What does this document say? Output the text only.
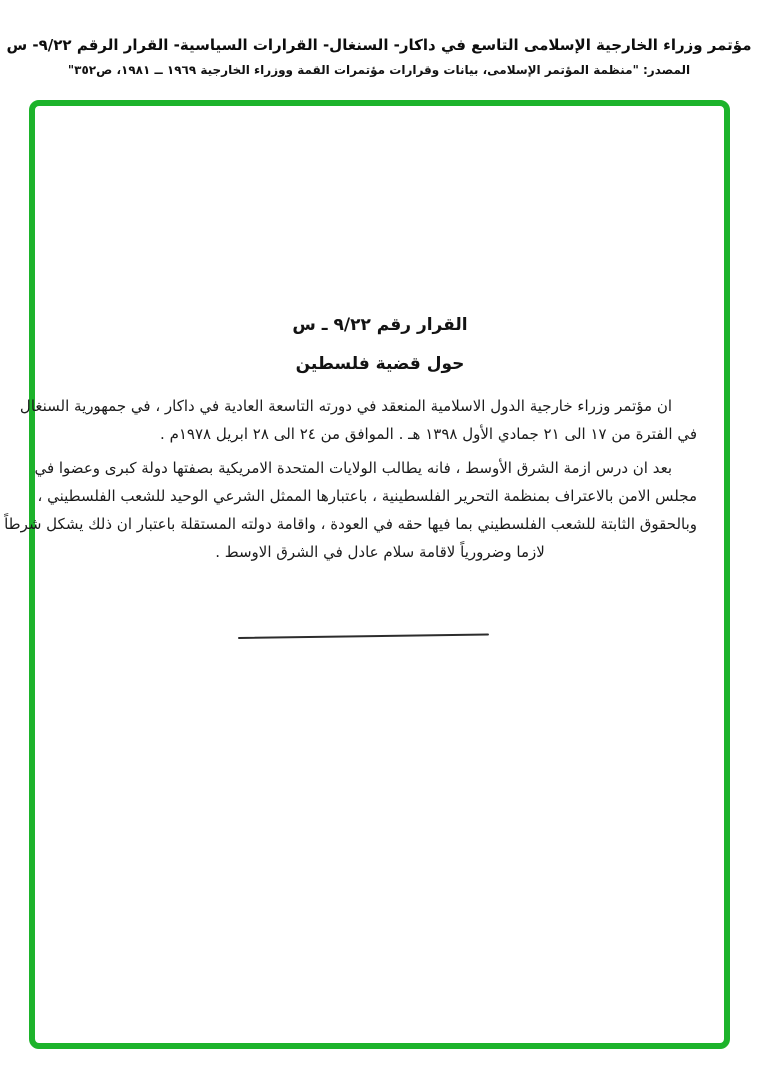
مؤتمر وزراء الخارجية الإسلامى التاسع في داكار- السنغال- القرارات السياسية- القرار الرقم ٩/٢٢- س
المصدر: "منظمة المؤتمر الإسلامى، بيانات وقرارات مؤتمرات القمة ووزراء الخارجية ١٩٦٩ ــ ١٩٨١، ص٣٥٢"
القرار رقم ٩/٢٢ ـ س
حول قضية فلسطين
ان مؤتمر وزراء خارجية الدول الاسلامية المنعقد في دورته التاسعة العادية في داكار ، في جمهورية السنغال
في الفترة من ١٧ الى ٢١ جمادي الأول ١٣٩٨ هـ . الموافق من ٢٤ الى ٢٨ ابريل ١٩٧٨م .
بعد ان درس ازمة الشرق الأوسط ، فانه يطالب الولايات المتحدة الامريكية بصفتها دولة كبرى وعضوا في
مجلس الامن بالاعتراف بمنظمة التحرير الفلسطينية ، باعتبارها الممثل الشرعي الوحيد للشعب الفلسطيني ،
وبالحقوق الثابتة للشعب الفلسطيني بما فيها حقه في العودة ، واقامة دولته المستقلة باعتبار ان ذلك يشكل شرطاً
لازما وضرورياً لاقامة سلام عادل في الشرق الاوسط .
